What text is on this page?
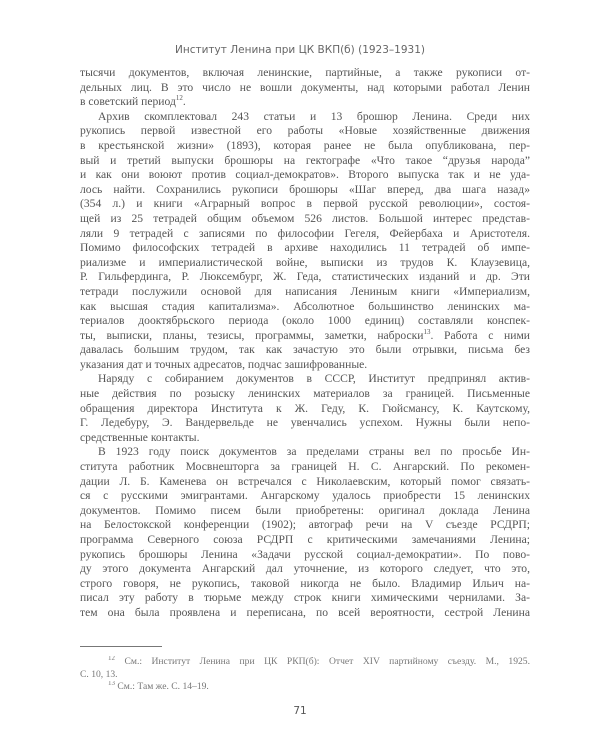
Институт Ленина при ЦК ВКП(б) (1923–1931)
тысячи документов, включая ленинские, партийные, а также рукописи от-
дельных лиц. В это число не вошли документы, над которыми работал Ленин
в советский период$^{12}$.
Архив скомплектовал 243 статьи и 13 брошюр Ленина. Среди них
рукопись первой известной его работы «Новые хозяйственные движения
в крестьянской жизни» (1893), которая ранее не была опубликована, пер-
вый и третий выпуски брошюры на гектографе «Что такое “друзья народа”
и как они воюют против социал-демократов». Второго выпуска так и не уда-
лось найти. Сохранились рукописи брошюры «Шаг вперед, два шага назад»
(354 л.) и книги «Аграрный вопрос в первой русской революции», состоя-
щей из 25 тетрадей общим объемом 526 листов. Большой интерес представ-
ляли 9 тетрадей с записями по философии Гегеля, Фейербаха и Аристотеля.
Помимо философских тетрадей в архиве находились 11 тетрадей об импе-
риализме и империалистической войне, выписки из трудов К. Клаузевица,
Р. Гильфердинга, Р. Люксембург, Ж. Геда, статистических изданий и др. Эти
тетради послужили основой для написания Лениным книги «Империализм,
как высшая стадия капитализма». Абсолютное большинство ленинских ма-
териалов дооктябрьского периода (около 1000 единиц) составляли конспек-
ты, выписки, планы, тезисы, программы, заметки, наброски$^{13}$. Работа с ними
давалась большим трудом, так как зачастую это были отрывки, письма без
указания дат и точных адресатов, подчас зашифрованные.
Наряду с собиранием документов в СССР, Институт предпринял актив-
ные действия по розыску ленинских материалов за границей. Письменные
обращения директора Института к Ж. Геду, К. Гюйсмансу, К. Каутскому,
Г. Ледебуру, Э. Вандервельде не увенчались успехом. Нужны были непо-
средственные контакты.
В 1923 году поиск документов за пределами страны вел по просьбе Ин-
ститута работник Мосвнешторга за границей Н. С. Ангарский. По рекомен-
дации Л. Б. Каменева он встречался с Николаевским, который помог связать-
ся с русскими эмигрантами. Ангарскому удалось приобрести 15 ленинских
документов. Помимо писем были приобретены: оригинал доклада Ленина
на Белостокской конференции (1902); автограф речи на V съезде РСДРП;
программа Северного союза РСДРП с критическими замечаниями Ленина;
рукопись брошюры Ленина «Задачи русской социал-демократии». По пово-
ду этого документа Ангарский дал уточнение, из которого следует, что это,
строго говоря, не рукопись, таковой никогда не было. Владимир Ильич на-
писал эту работу в тюрьме между строк книги химическими чернилами. За-
тем она была проявлена и переписана, по всей вероятности, сестрой Ленина
$^{12}$ См.: Институт Ленина при ЦК РКП(б): Отчет XIV партийному съезду. М., 1925.
С. 10, 13.
$^{13}$ См.: Там же. С. 14–19.
71
